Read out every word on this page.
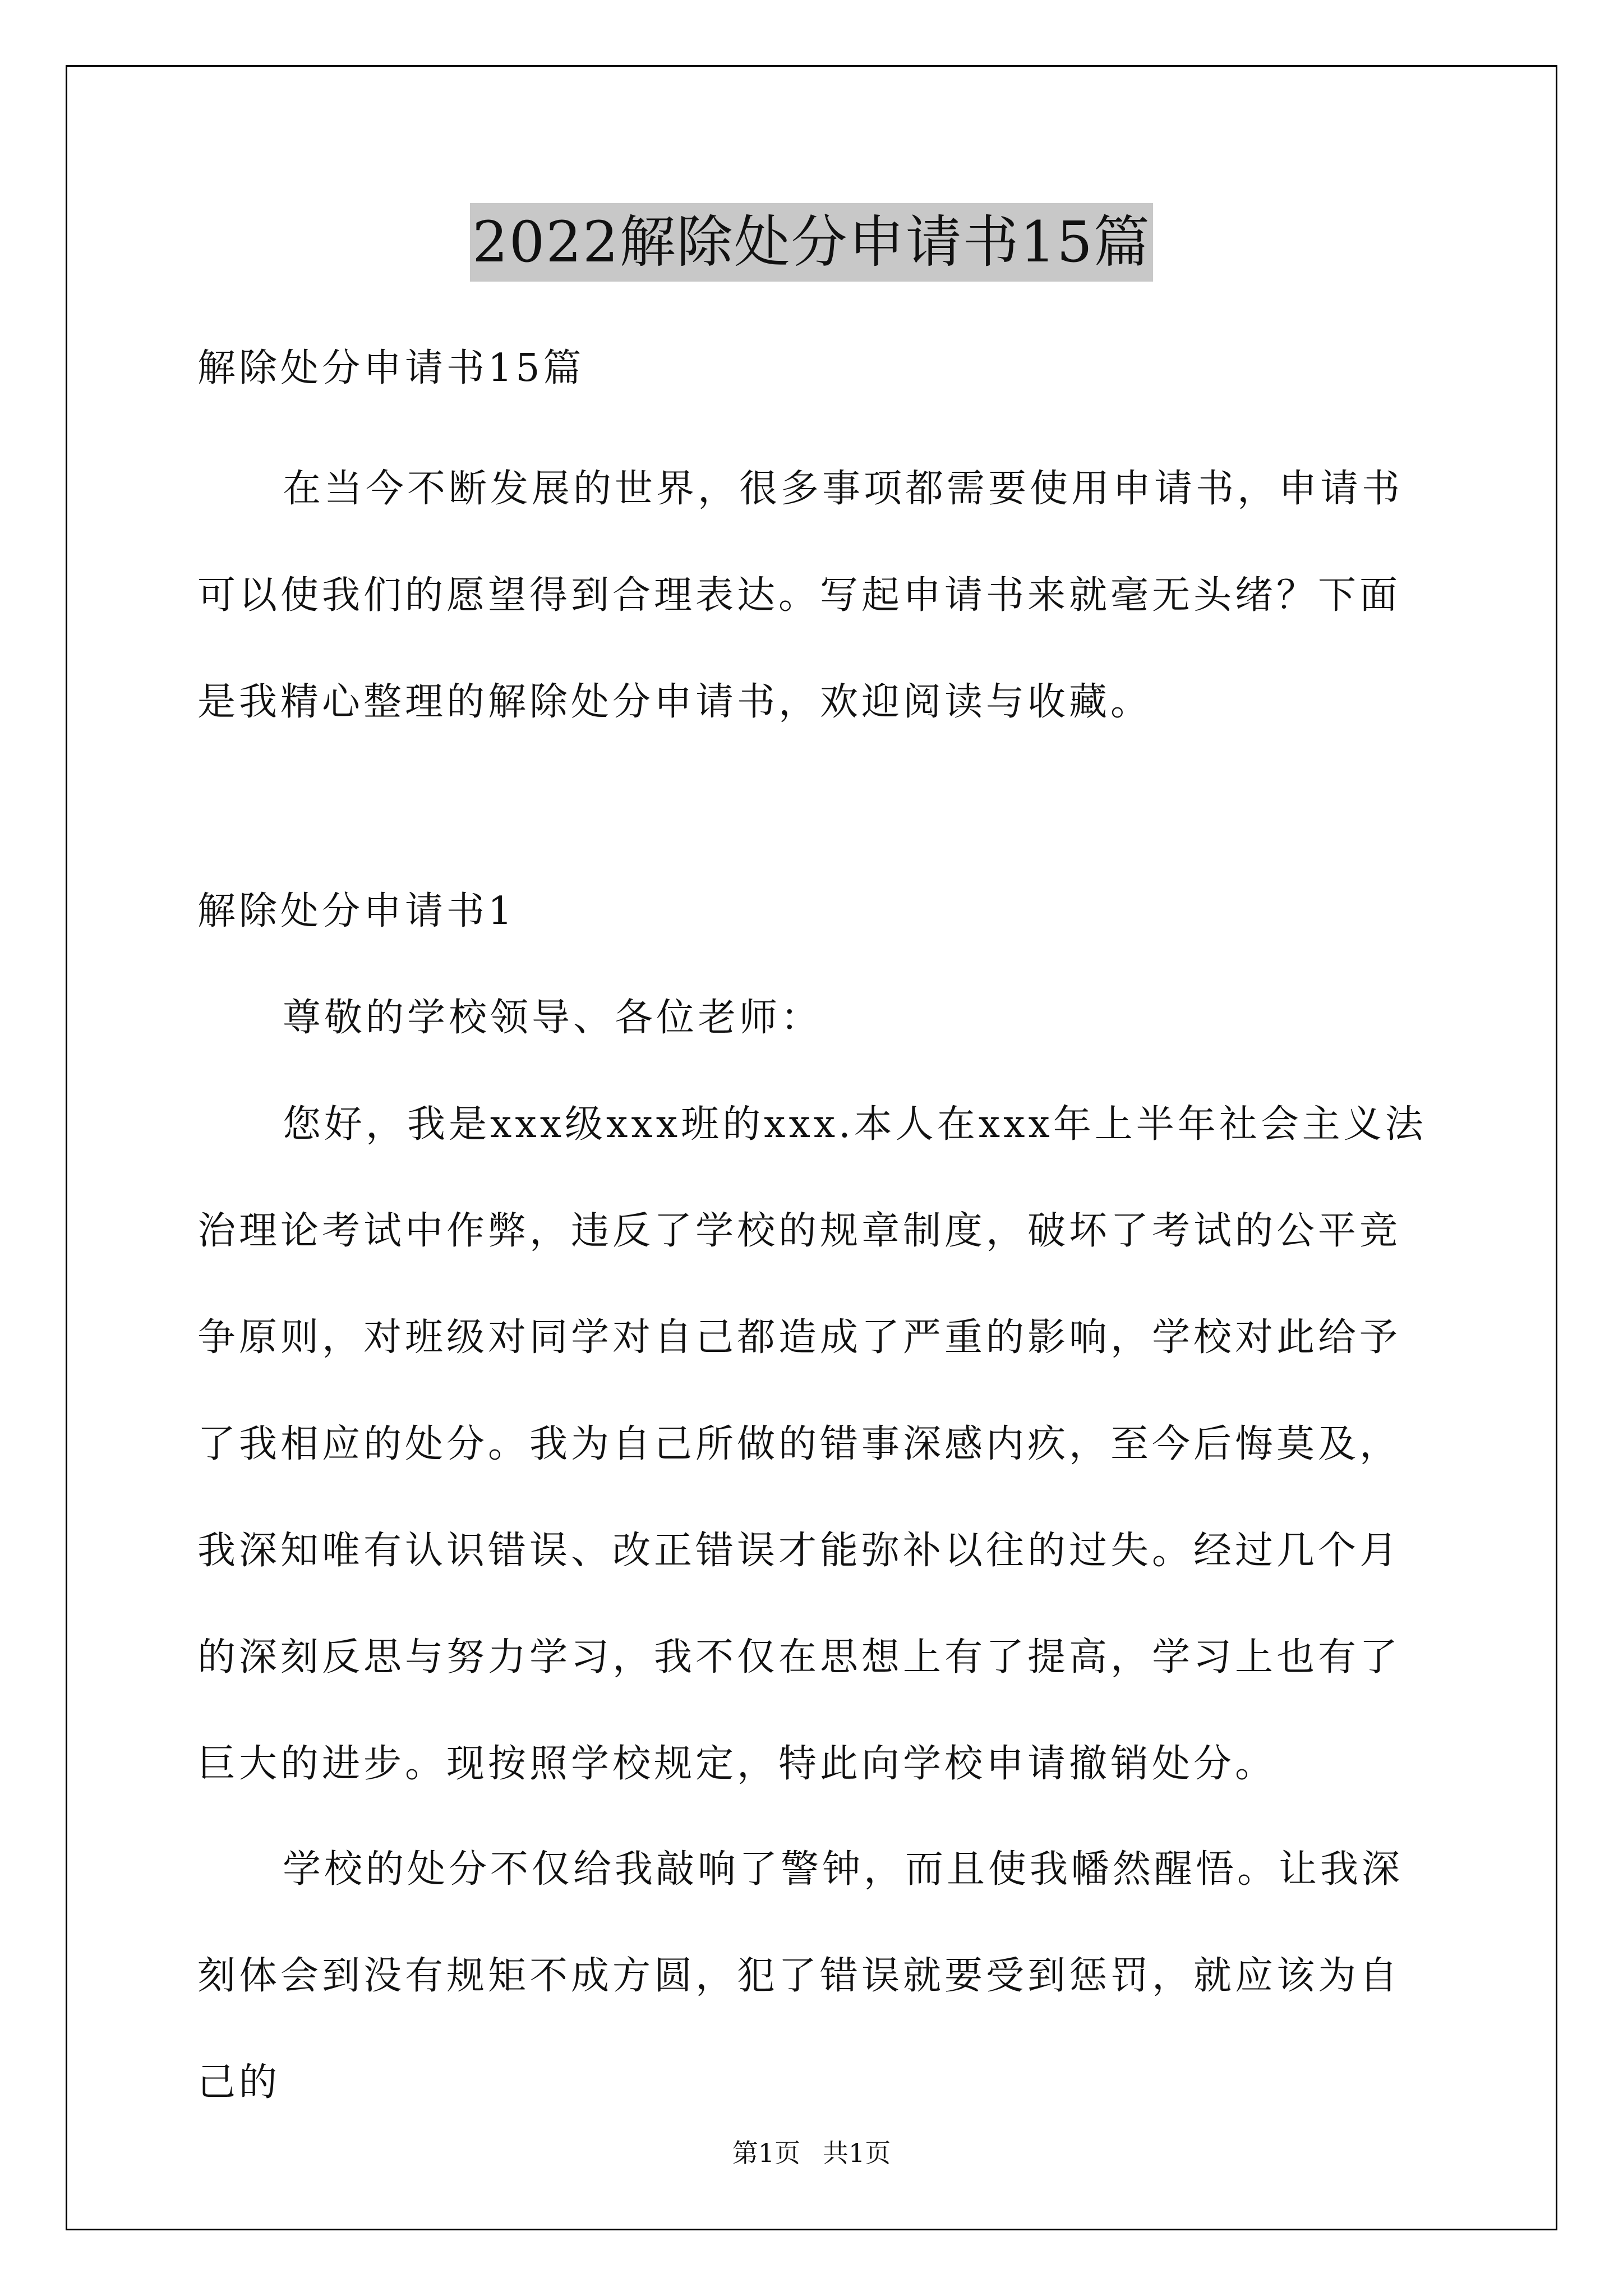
2022解除处分申请书15篇

解除处分申请书15篇

在当今不断发展的世界，很多事项都需要使用申请书，申请书可以使我们的愿望得到合理表达。写起申请书来就毫无头绪？下面是我精心整理的解除处分申请书，欢迎阅读与收藏。

解除处分申请书1

尊敬的学校领导、各位老师：

您好，我是xxx级xxx班的xxx.本人在xxx年上半年社会主义法治理论考试中作弊，违反了学校的规章制度，破坏了考试的公平竞争原则，对班级对同学对自己都造成了严重的影响，学校对此给予了我相应的处分。我为自己所做的错事深感内疚，至今后悔莫及，我深知唯有认识错误、改正错误才能弥补以往的过失。经过几个月的深刻反思与努力学习，我不仅在思想上有了提高，学习上也有了巨大的进步。现按照学校规定，特此向学校申请撤销处分。

学校的处分不仅给我敲响了警钟，而且使我幡然醒悟。让我深刻体会到没有规矩不成方圆，犯了错误就要受到惩罚，就应该为自己的

第1页 共1页
